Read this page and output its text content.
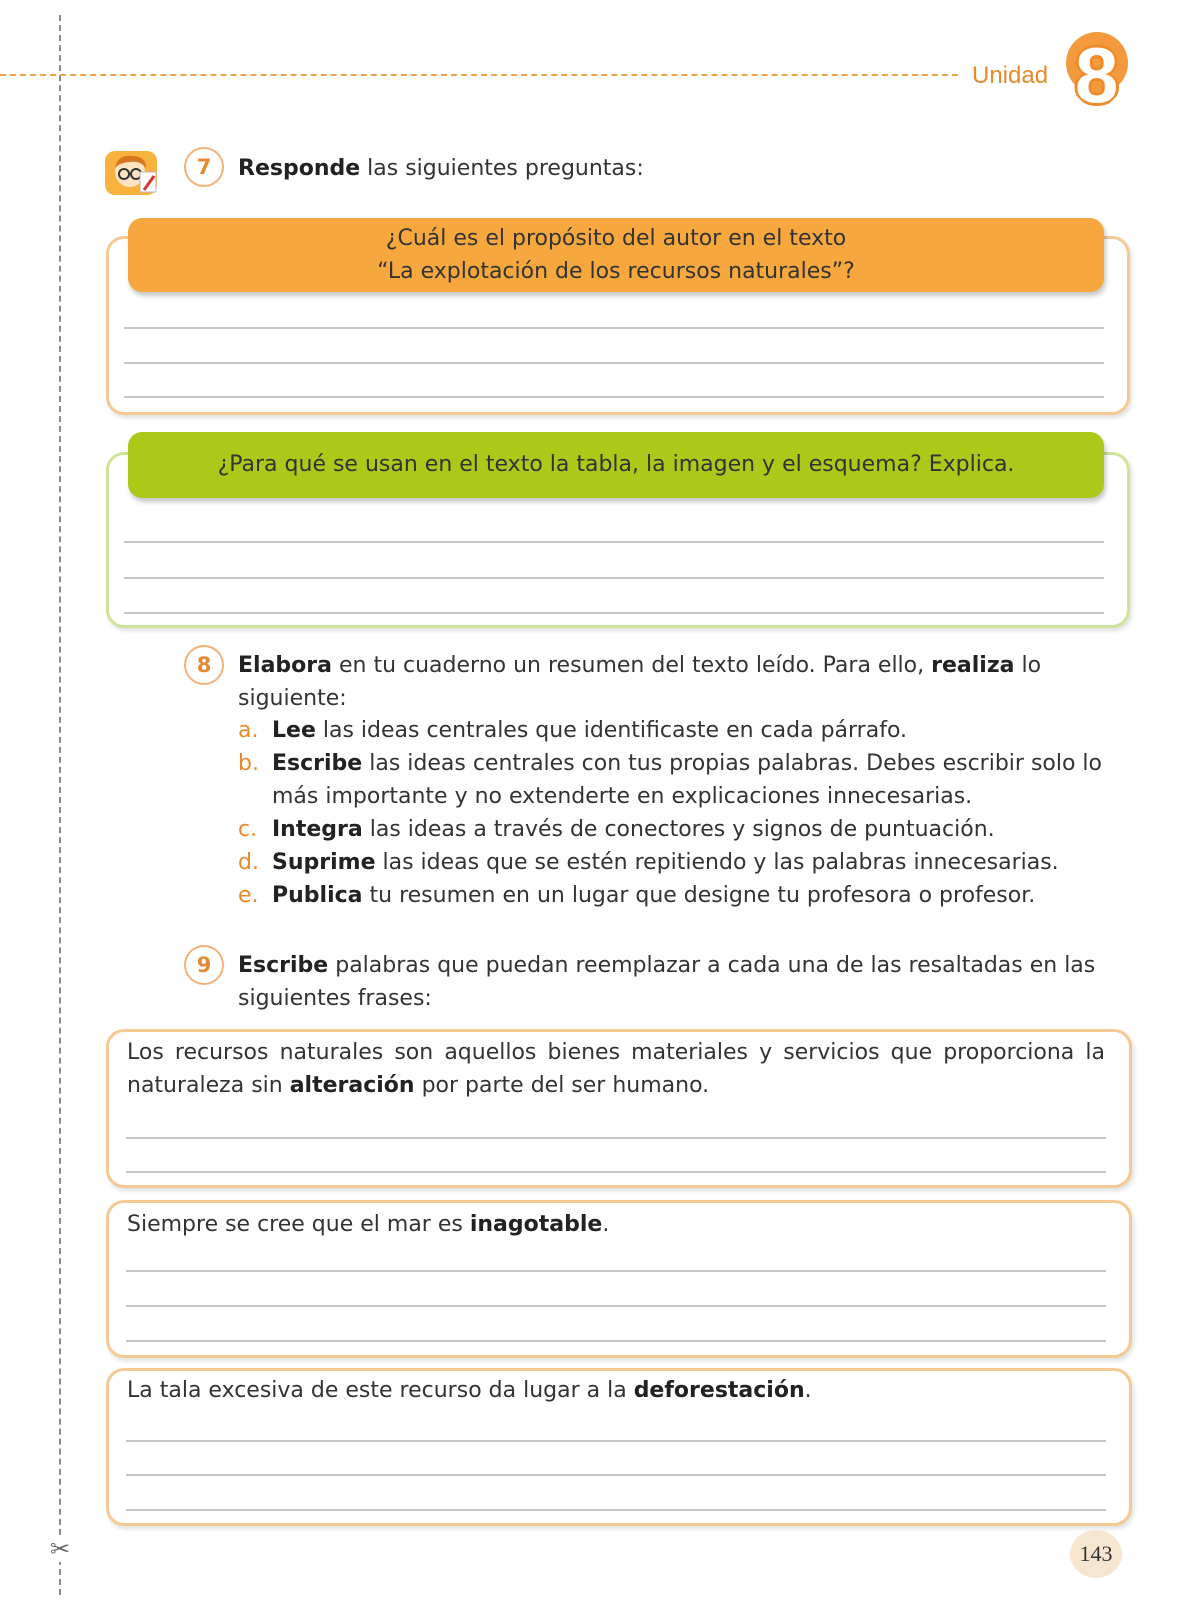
✂
Unidad 8
7	Responde las siguientes preguntas:
¿Cuál es el propósito del autor en el texto
“La explotación de los recursos naturales”?
¿Para qué se usan en el texto la tabla, la imagen y el esquema? Explica.
8	Elabora en tu cuaderno un resumen del texto leído. Para ello, realiza lo siguiente:
a. Lee las ideas centrales que identificaste en cada párrafo.
b. Escribe las ideas centrales con tus propias palabras. Debes escribir solo lo más importante y no extenderte en explicaciones innecesarias.
c. Integra las ideas a través de conectores y signos de puntuación.
d. Suprime las ideas que se estén repitiendo y las palabras innecesarias.
e. Publica tu resumen en un lugar que designe tu profesora o profesor.
9	Escribe palabras que puedan reemplazar a cada una de las resaltadas en las siguientes frases:
Los recursos naturales son aquellos bienes materiales y servicios que proporciona la naturaleza sin alteración por parte del ser humano.
Siempre se cree que el mar es inagotable.
La tala excesiva de este recurso da lugar a la deforestación.
143
